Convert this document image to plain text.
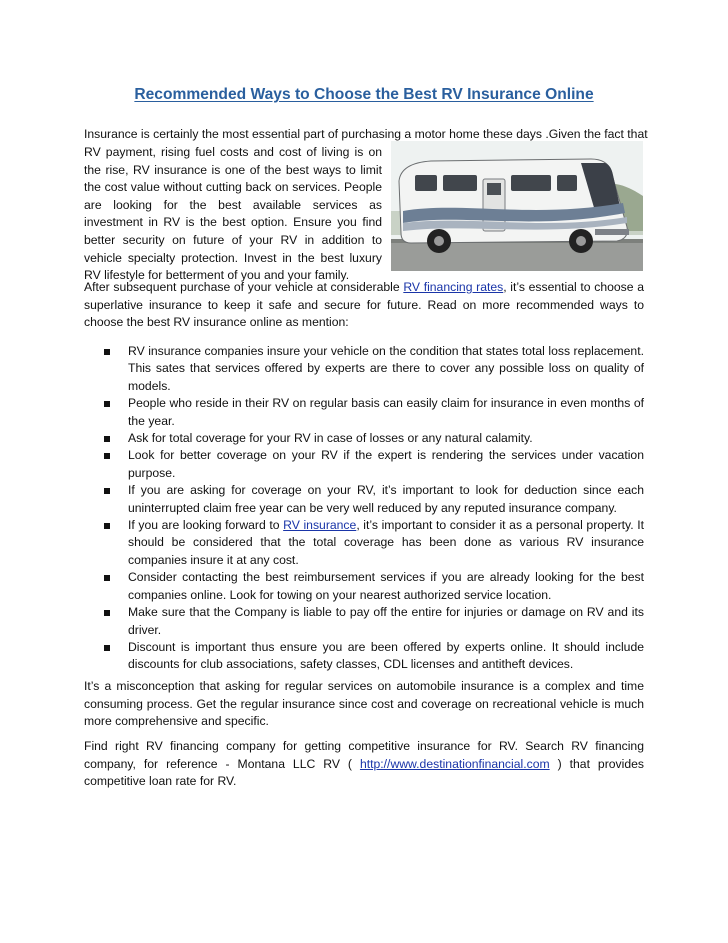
Recommended Ways to Choose the Best RV Insurance Online
Insurance is certainly the most essential part of purchasing a motor home these days .Given the fact that

RV payment, rising fuel costs and cost of living is on the rise, RV insurance is one of the best ways to limit the cost value without cutting back on services. People are looking for the best available services as investment in RV is the best option. Ensure you find better security on future of your RV in addition to vehicle specialty protection. Invest in the best luxury RV lifestyle for betterment of you and your family.

After subsequent purchase of your vehicle at considerable RV financing rates, it’s essential to choose a superlative insurance to keep it safe and secure for future. Read on more recommended ways to choose the best RV insurance online as mention:

RV insurance companies insure your vehicle on the condition that states total loss replacement. This sates that services offered by experts are there to cover any possible loss on quality of models.
People who reside in their RV on regular basis can easily claim for insurance in even months of the year.
Ask for total coverage for your RV in case of losses or any natural calamity.
Look for better coverage on your RV if the expert is rendering the services under vacation purpose.
If you are asking for coverage on your RV, it’s important to look for deduction since each uninterrupted claim free year can be very well reduced by any reputed insurance company.
If you are looking forward to RV insurance, it’s important to consider it as a personal property. It should be considered that the total coverage has been done as various RV insurance companies insure it at any cost.
Consider contacting the best reimbursement services if you are already looking for the best companies online. Look for towing on your nearest authorized service location.
Make sure that the Company is liable to pay off the entire for injuries or damage on RV and its driver.
Discount is important thus ensure you are been offered by experts online. It should include discounts for club associations, safety classes, CDL licenses and antitheft devices.

It’s a misconception that asking for regular services on automobile insurance is a complex and time consuming process. Get the regular insurance since cost and coverage on recreational vehicle is much more comprehensive and specific.

Find right RV financing company for getting competitive insurance for RV. Search RV financing company, for reference - Montana LLC RV ( http://www.destinationfinancial.com ) that provides competitive loan rate for RV.
